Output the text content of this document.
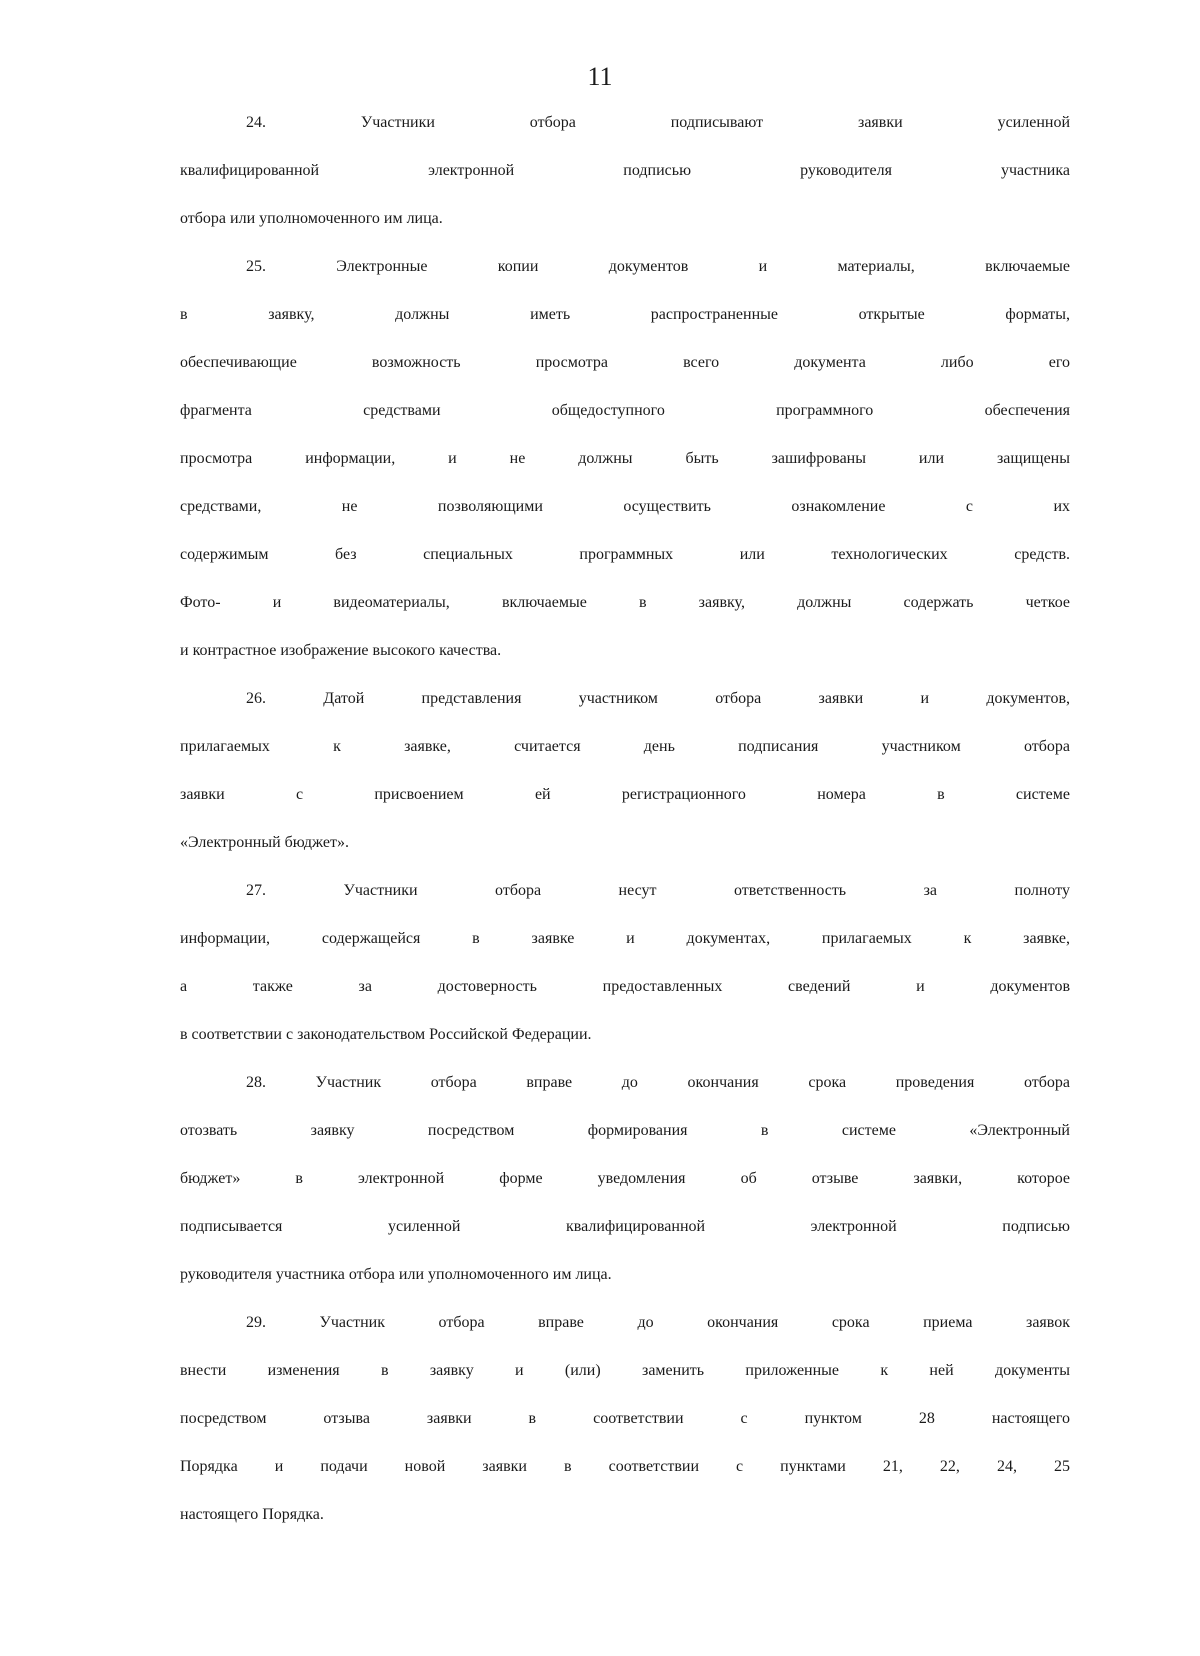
11
24. Участники отбора подписывают заявки усиленной
квалифицированной электронной подписью руководителя участника
отбора или уполномоченного им лица.
25. Электронные копии документов и материалы, включаемые
в заявку, должны иметь распространенные открытые форматы,
обеспечивающие возможность просмотра всего документа либо его
фрагмента средствами общедоступного программного обеспечения
просмотра информации, и не должны быть зашифрованы или защищены
средствами, не позволяющими осуществить ознакомление с их
содержимым без специальных программных или технологических средств.
Фото- и видеоматериалы, включаемые в заявку, должны содержать четкое
и контрастное изображение высокого качества.
26. Датой представления участником отбора заявки и документов,
прилагаемых к заявке, считается день подписания участником отбора
заявки с присвоением ей регистрационного номера в системе
«Электронный бюджет».
27. Участники отбора несут ответственность за полноту
информации, содержащейся в заявке и документах, прилагаемых к заявке,
а также за достоверность предоставленных сведений и документов
в соответствии с законодательством Российской Федерации.
28. Участник отбора вправе до окончания срока проведения отбора
отозвать заявку посредством формирования в системе «Электронный
бюджет» в электронной форме уведомления об отзыве заявки, которое
подписывается усиленной квалифицированной электронной подписью
руководителя участника отбора или уполномоченного им лица.
29. Участник отбора вправе до окончания срока приема заявок
внести изменения в заявку и (или) заменить приложенные к ней документы
посредством отзыва заявки в соответствии с пунктом 28 настоящего
Порядка и подачи новой заявки в соответствии с пунктами 21, 22, 24, 25
настоящего Порядка.
